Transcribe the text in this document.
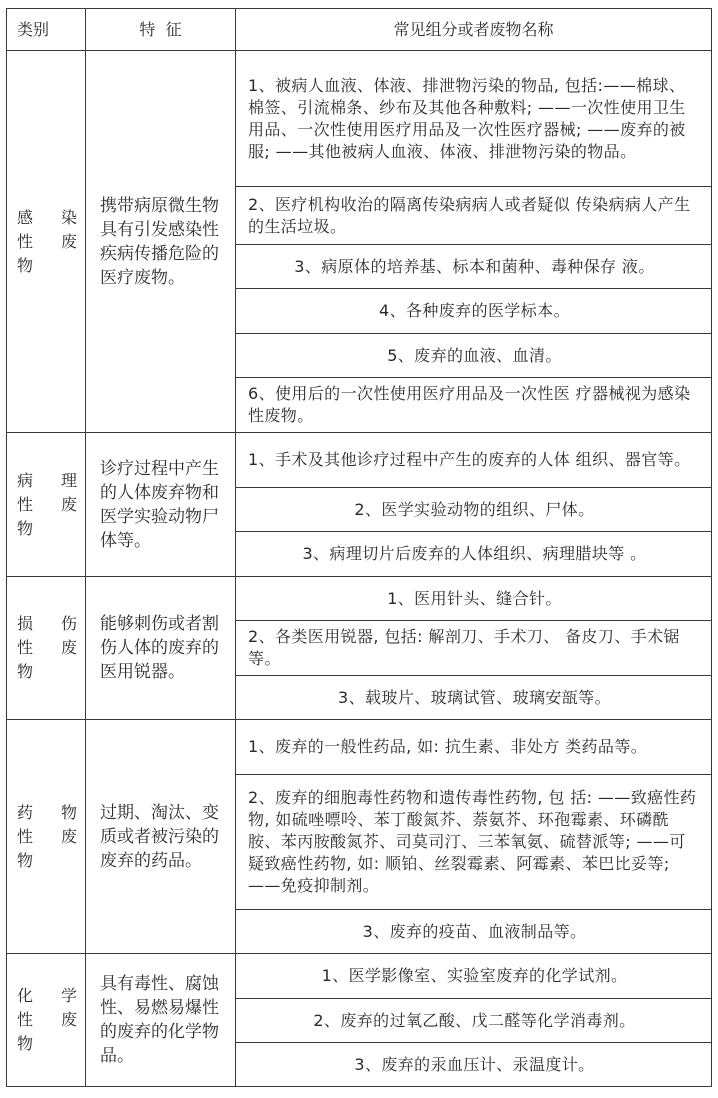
类别	特  征	常见组分或者废物名称

感 染
性 废
物	携带病原微生物具有引发感染性疾病传播危险的医疗废物。	1、被病人血液、体液、排泄物污染的物品, 包括:——棉球、棉签、引流棉条、纱布及其他各种敷料; ——一次性使用卫生用品、一次性使用医疗用品及一次性医疗器械; ——废弃的被服; ——其他被病人血液、体液、排泄物污染的物品。
		2、医疗机构收治的隔离传染病病人或者疑似 传染病病人产生的生活垃圾。
		3、病原体的培养基、标本和菌种、毒种保存 液。
		4、各种废弃的医学标本。
		5、废弃的血液、血清。
		6、使用后的一次性使用医疗用品及一次性医 疗器械视为感染性废物。

病 理
性 废
物	诊疗过程中产生的人体废弃物和医学实验动物尸体等。	1、手术及其他诊疗过程中产生的废弃的人体 组织、器官等。
		2、医学实验动物的组织、尸体。
		3、病理切片后废弃的人体组织、病理腊块等 。

损 伤
性 废
物	能够刺伤或者割伤人体的废弃的医用锐器。	1、医用针头、缝合针。
		2、各类医用锐器, 包括: 解剖刀、手术刀、 备皮刀、手术锯等。
		3、载玻片、玻璃试管、玻璃安瓿等。

药 物
性 废
物	过期、淘汰、变质或者被污染的废弃的药品。	1、废弃的一般性药品, 如: 抗生素、非处方 类药品等。
		2、废弃的细胞毒性药物和遗传毒性药物, 包 括: ——致癌性药物, 如硫唑嘌呤、苯丁酸氮芥、萘氨芥、环孢霉素、环磷酰胺、苯丙胺酸氮芥、司莫司汀、三苯氧氨、硫替派等; ——可疑致癌性药物, 如: 顺铂、丝裂霉素、阿霉素、苯巴比妥等; ——免疫抑制剂。
		3、废弃的疫苗、血液制品等。

化 学
性 废
物	具有毒性、腐蚀性、易燃易爆性的废弃的化学物品。	1、医学影像室、实验室废弃的化学试剂。
		2、废弃的过氧乙酸、戊二醛等化学消毒剂。
		3、废弃的汞血压计、汞温度计。
